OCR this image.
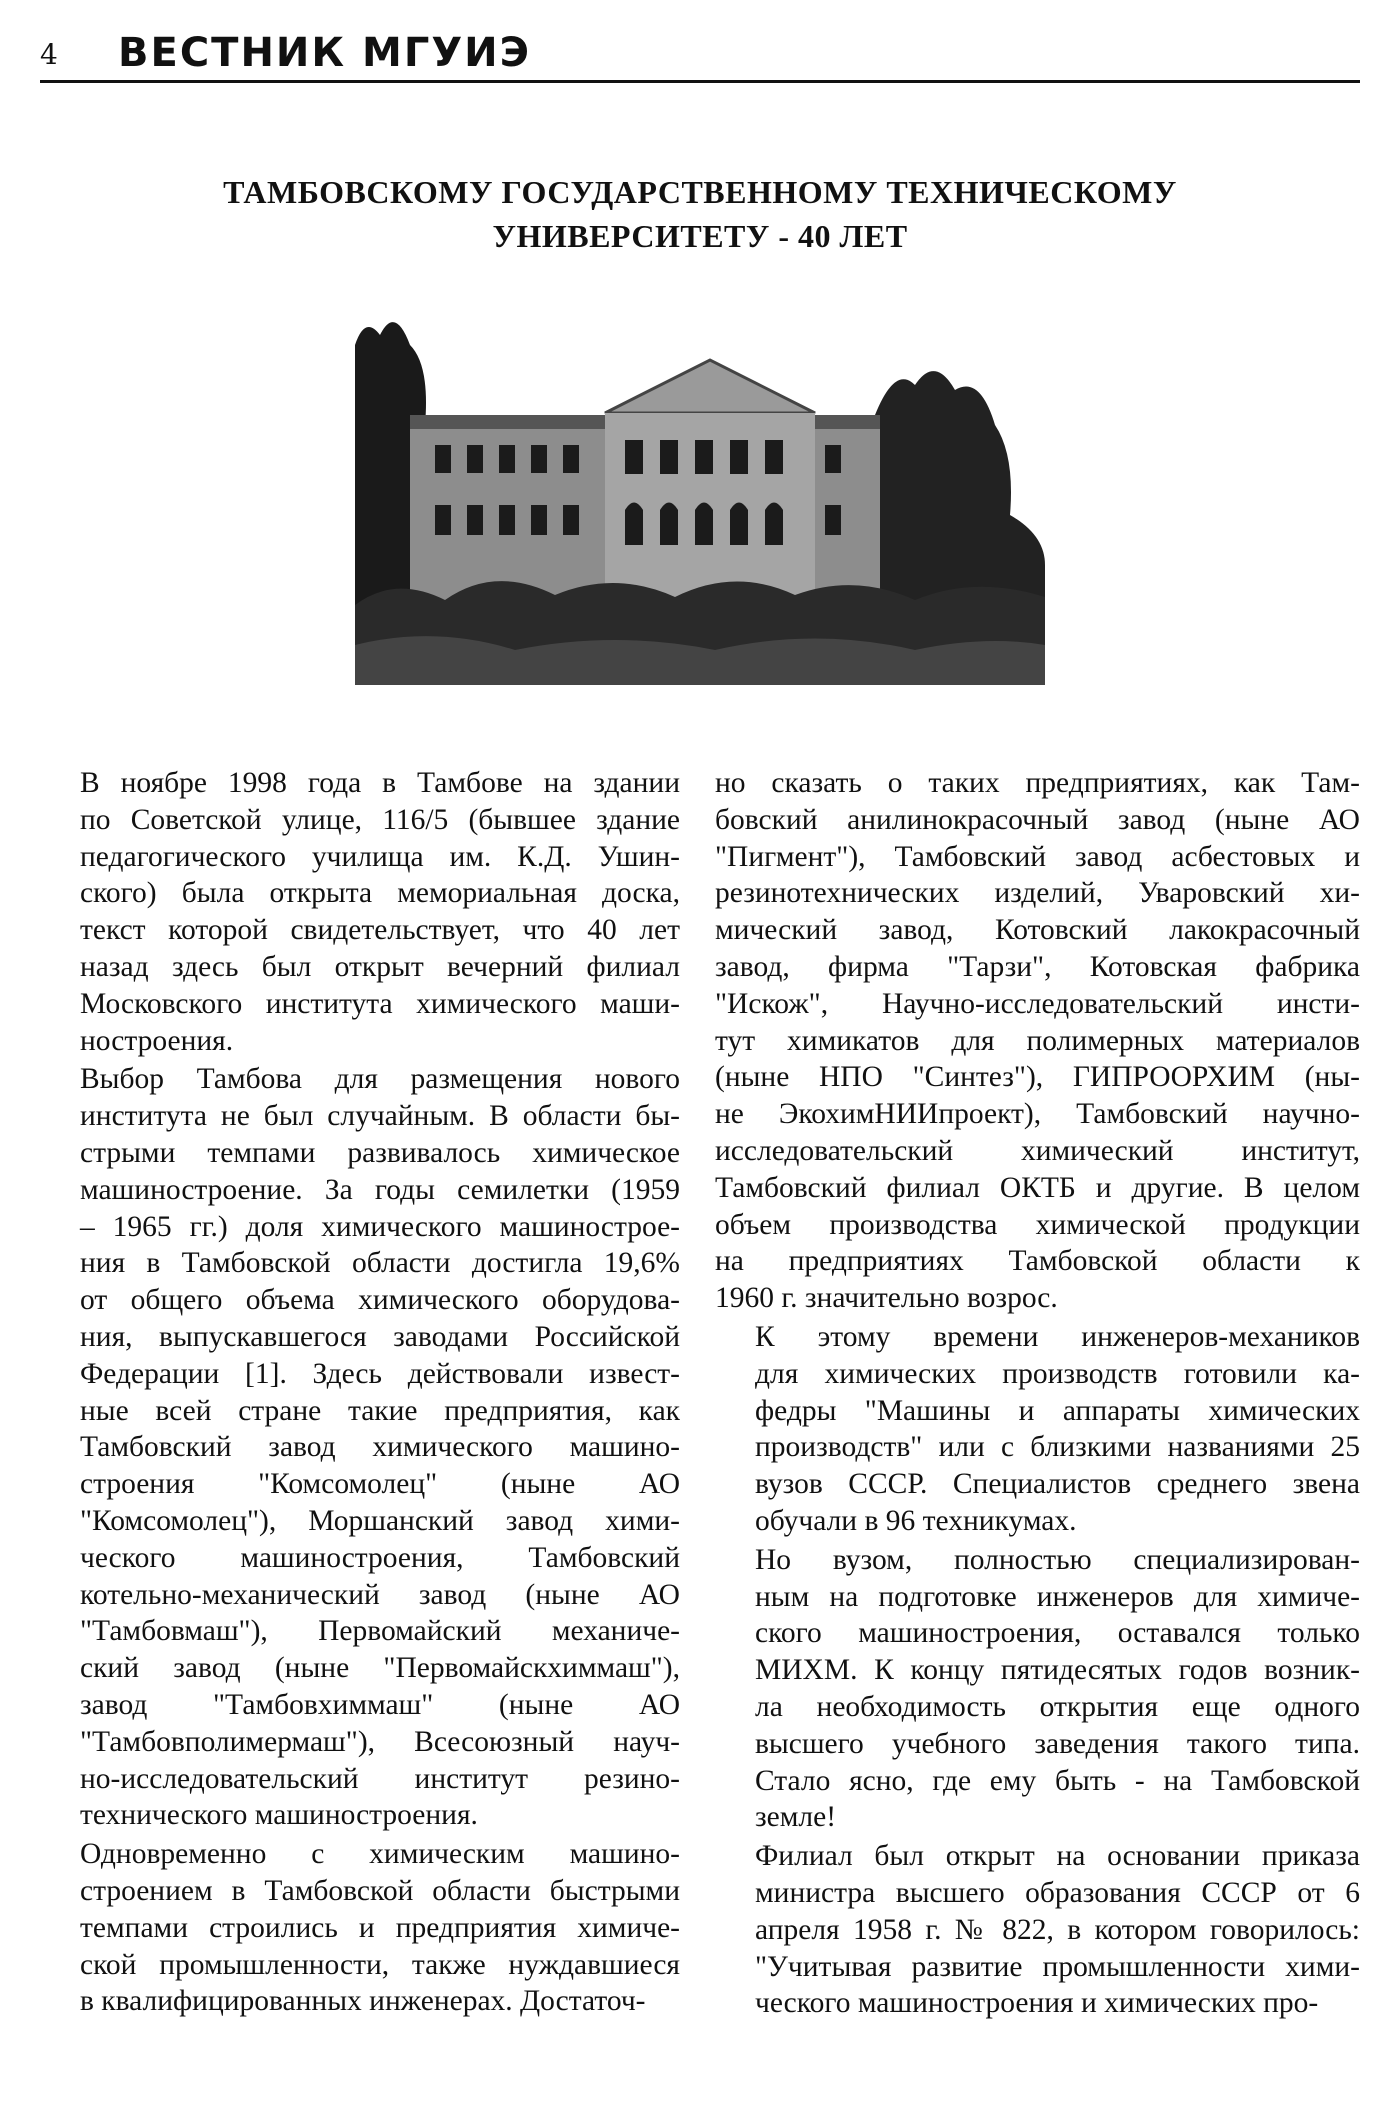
4 ВЕСТНИК МГУИЭ
ТАМБОВСКОМУ ГОСУДАРСТВЕННОМУ ТЕХНИЧЕСКОМУ
УНИВЕРСИТЕТУ - 40 ЛЕТ

В ноябре 1998 года в Тамбове на здании
по Советской улице, 116/5 (бывшее здание
педагогического училища им. К.Д. Ушин-
ского) была открыта мемориальная доска,
текст которой свидетельствует, что 40 лет
назад здесь был открыт вечерний филиал
Московского института химического маши-
ностроения.

Выбор Тамбова для размещения нового
института не был случайным. В области бы-
стрыми темпами развивалось химическое
машиностроение. За годы семилетки (1959
– 1965 гг.) доля химического машинострое-
ния в Тамбовской области достигла 19,6%
от общего объема химического оборудова-
ния, выпускавшегося заводами Российской
Федерации [1]. Здесь действовали извест-
ные всей стране такие предприятия, как
Тамбовский завод химического машино-
строения "Комсомолец" (ныне АО
"Комсомолец"), Моршанский завод хими-
ческого машиностроения, Тамбовский
котельно-механический завод (ныне АО
"Тамбовмаш"), Первомайский механиче-
ский завод (ныне "Первомайскхиммаш"),
завод "Тамбовхиммаш" (ныне АО
"Тамбовполимермаш"), Всесоюзный науч-
но-исследовательский институт резино-
технического машиностроения.

Одновременно с химическим машино-
строением в Тамбовской области быстрыми
темпами строились и предприятия химиче-
ской промышленности, также нуждавшиеся
в квалифицированных инженерах. Достаточ-

но сказать о таких предприятиях, как Там-
бовский анилинокрасочный завод (ныне АО
"Пигмент"), Тамбовский завод асбестовых и
резинотехнических изделий, Уваровский хи-
мический завод, Котовский лакокрасочный
завод, фирма "Тарзи", Котовская фабрика
"Искож", Научно-исследовательский инсти-
тут химикатов для полимерных материалов
(ныне НПО "Синтез"), ГИПРООРХИМ (ны-
не ЭкохимНИИпроект), Тамбовский научно-
исследовательский химический институт,
Тамбовский филиал ОКТБ и другие. В целом
объем производства химической продукции
на предприятиях Тамбовской области к
1960 г. значительно возрос.

К этому времени инженеров-механиков
для химических производств готовили ка-
федры "Машины и аппараты химических
производств" или с близкими названиями 25
вузов СССР. Специалистов среднего звена
обучали в 96 техникумах.

Но вузом, полностью специализирован-
ным на подготовке инженеров для химиче-
ского машиностроения, оставался только
МИХМ. К концу пятидесятых годов возник-
ла необходимость открытия еще одного
высшего учебного заведения такого типа.
Стало ясно, где ему быть - на Тамбовской
земле!

Филиал был открыт на основании приказа
министра высшего образования СССР от 6
апреля 1958 г. № 822, в котором говорилось:
"Учитывая развитие промышленности хими-
ческого машиностроения и химических про-
